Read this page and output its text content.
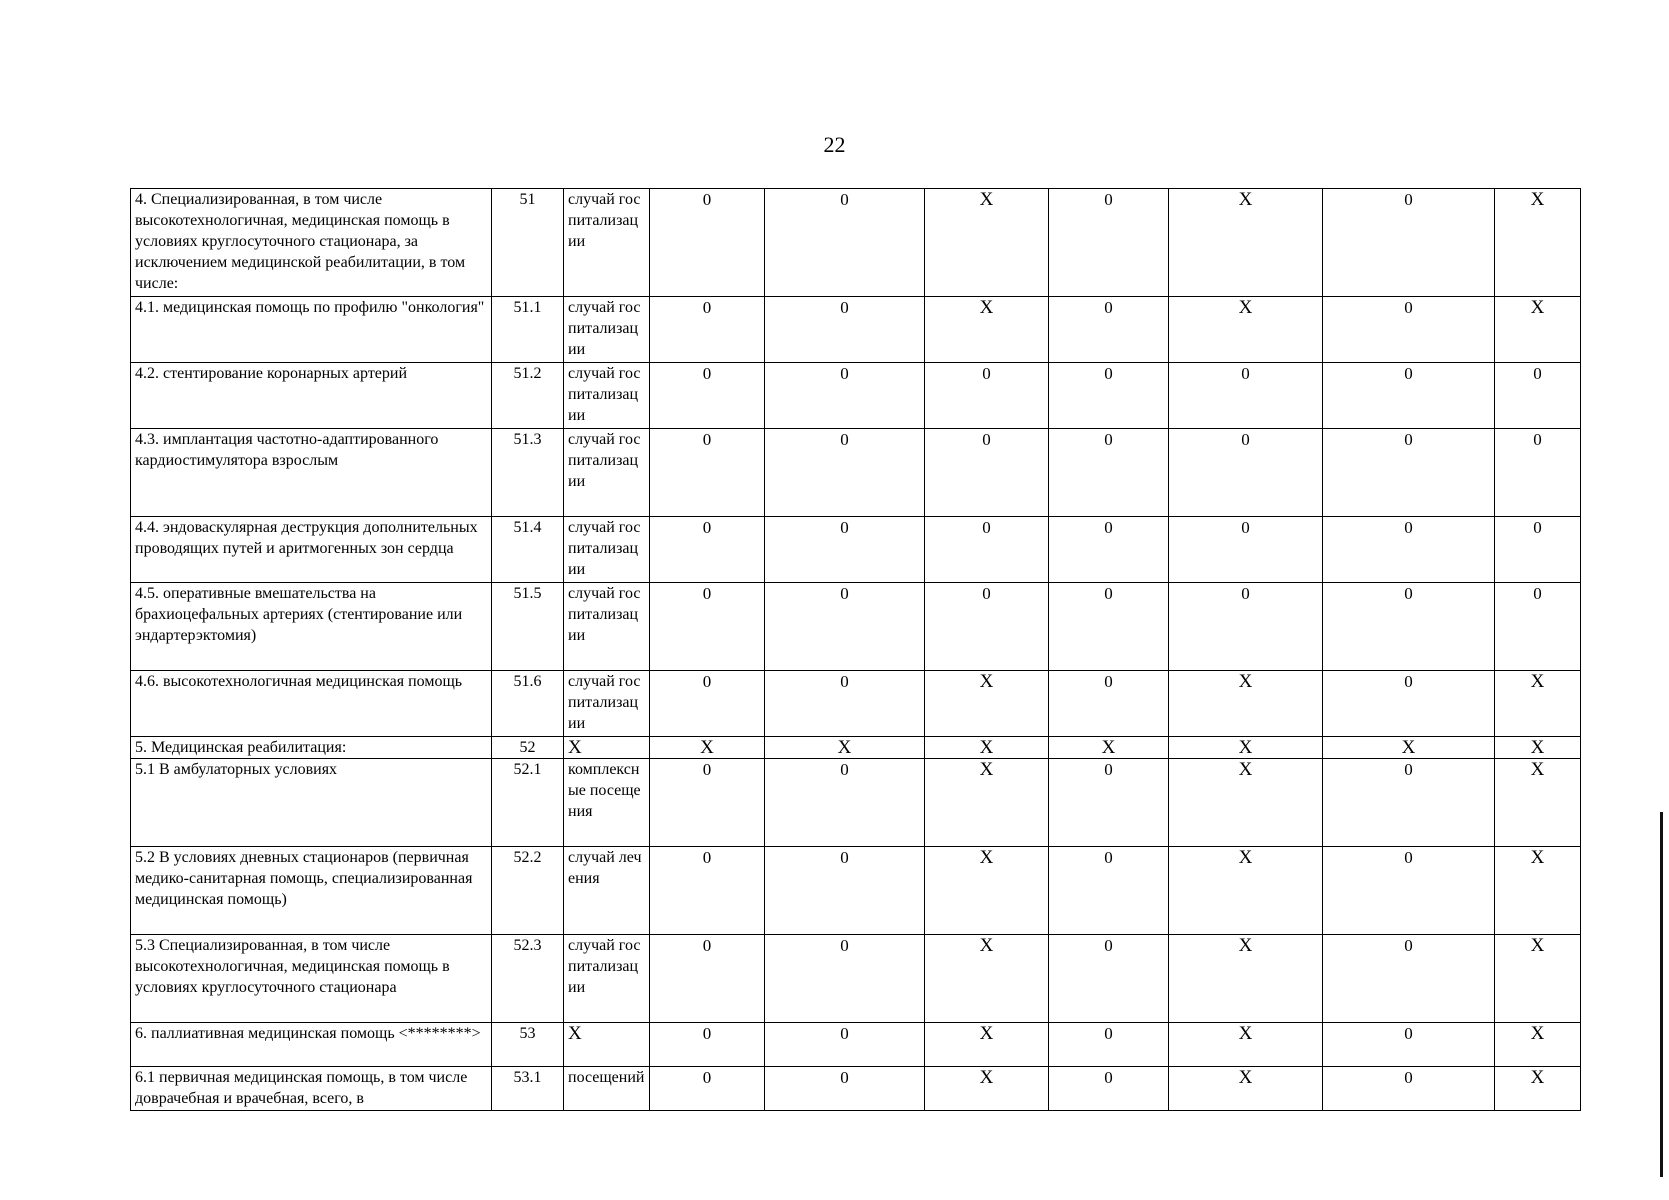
22
4. Специализированная, в том числе высокотехнологичная, медицинская помощь в условиях круглосуточного стационара, за исключением медицинской реабилитации, в том числе:	51	случай госпитализации	0	0	X	0	X	0	X
4.1. медицинская помощь по профилю "онкология"	51.1	случай госпитализации	0	0	X	0	X	0	X
4.2. стентирование коронарных артерий	51.2	случай госпитализации	0	0	0	0	0	0	0
4.3. имплантация частотно-адаптированного кардиостимулятора взрослым	51.3	случай госпитализации	0	0	0	0	0	0	0
4.4. эндоваскулярная деструкция дополнительных проводящих путей и аритмогенных зон сердца	51.4	случай госпитализации	0	0	0	0	0	0	0
4.5. оперативные вмешательства на брахиоцефальных артериях (стентирование или эндартерэктомия)	51.5	случай госпитализации	0	0	0	0	0	0	0
4.6. высокотехнологичная медицинская помощь	51.6	случай госпитализации	0	0	X	0	X	0	X
5. Медицинская реабилитация:	52	X	X	X	X	X	X	X	X
5.1 В амбулаторных условиях	52.1	комплексные посещения	0	0	X	0	X	0	X
5.2 В условиях дневных стационаров (первичная медико-санитарная помощь, специализированная медицинская помощь)	52.2	случай лечения	0	0	X	0	X	0	X
5.3 Специализированная, в том числе высокотехнологичная, медицинская помощь в условиях круглосуточного стационара	52.3	случай госпитализации	0	0	X	0	X	0	X
6. паллиативная медицинская помощь <********>	53	X	0	0	X	0	X	0	X
6.1 первичная медицинская помощь, в том числе доврачебная и врачебная, всего, в	53.1	посещений	0	0	X	0	X	0	X
